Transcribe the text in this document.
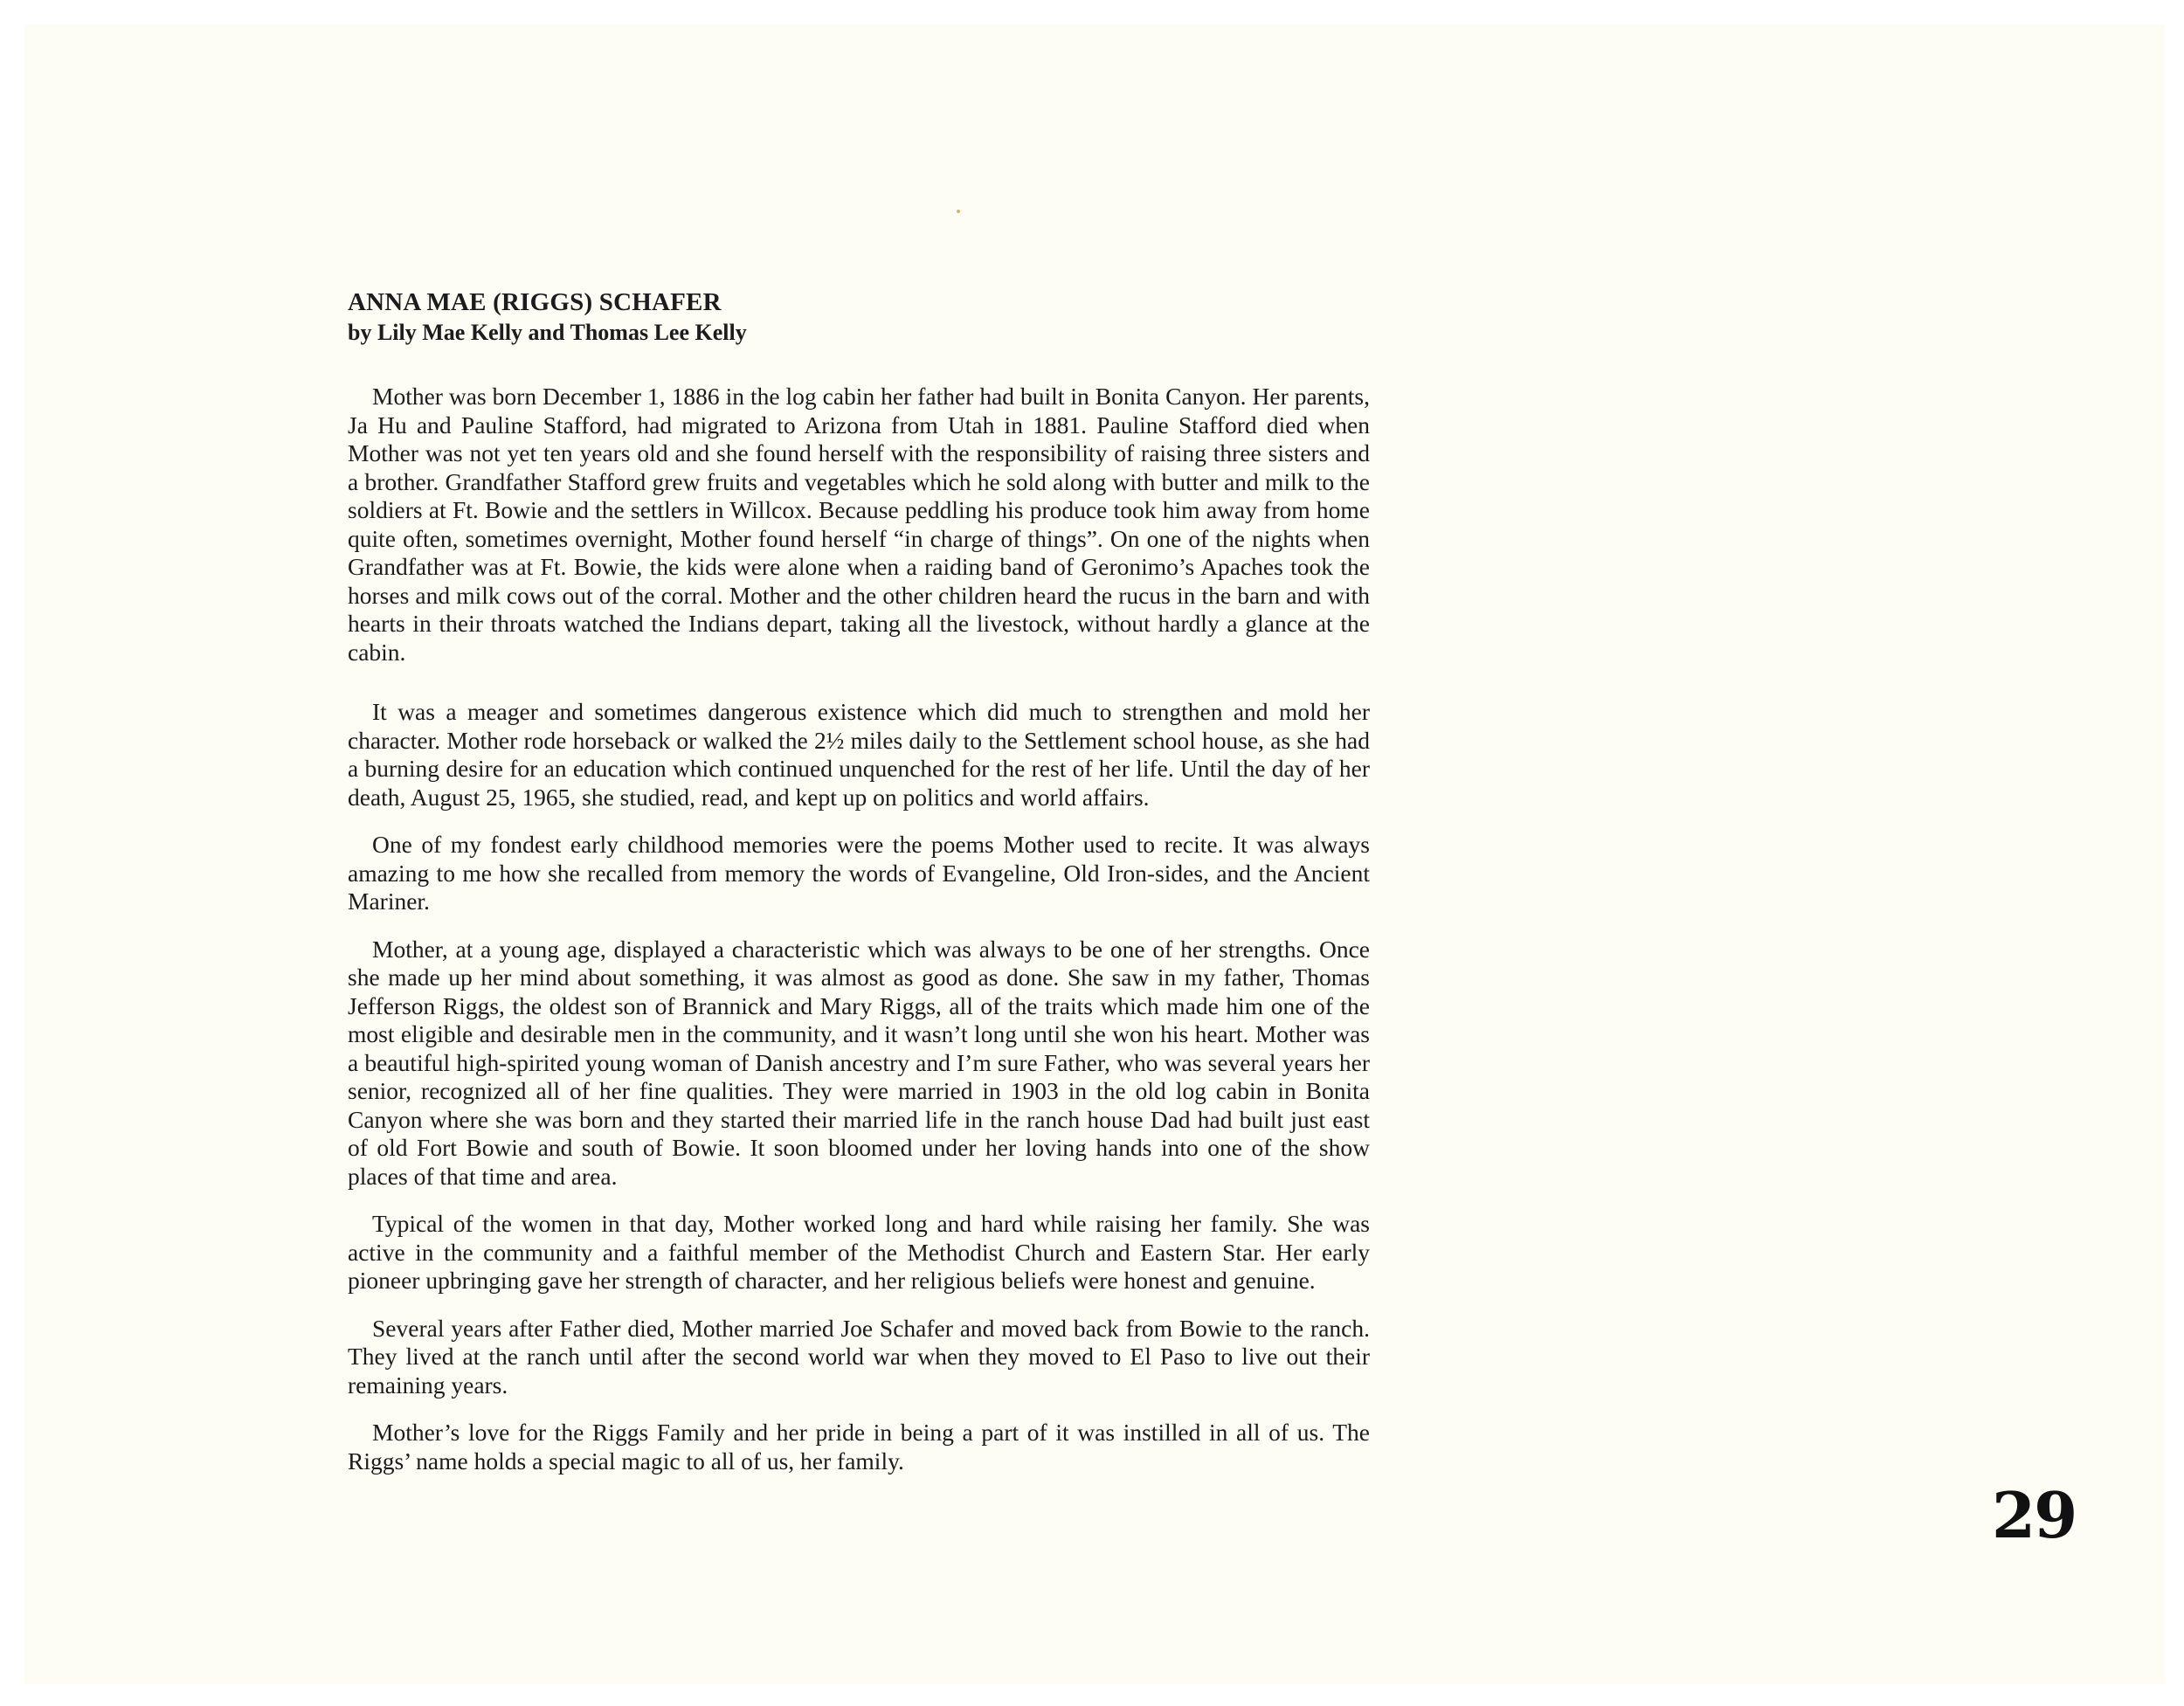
ANNA MAE (RIGGS) SCHAFER

by Lily Mae Kelly and Thomas Lee Kelly

Mother was born December 1, 1886 in the log cabin her father had built in Bonita Canyon. Her parents, Ja Hu and Pauline Stafford, had migrated to Arizona from Utah in 1881. Pauline Stafford died when Mother was not yet ten years old and she found herself with the responsibility of raising three sisters and a brother. Grandfather Stafford grew fruits and vegetables which he sold along with butter and milk to the soldiers at Ft. Bowie and the settlers in Willcox. Because peddling his produce took him away from home quite often, sometimes overnight, Mother found herself “in charge of things”. On one of the nights when Grandfather was at Ft. Bowie, the kids were alone when a raiding band of Geronimo’s Apaches took the horses and milk cows out of the corral. Mother and the other children heard the rucus in the barn and with hearts in their throats watched the Indians depart, taking all the livestock, without hardly a glance at the cabin.

It was a meager and sometimes dangerous existence which did much to strengthen and mold her character. Mother rode horseback or walked the 2½ miles daily to the Settlement school house, as she had a burning desire for an education which continued unquenched for the rest of her life. Until the day of her death, August 25, 1965, she studied, read, and kept up on politics and world affairs.

One of my fondest early childhood memories were the poems Mother used to recite. It was always amazing to me how she recalled from memory the words of Evangeline, Old Iron-sides, and the Ancient Mariner.

Mother, at a young age, displayed a characteristic which was always to be one of her strengths. Once she made up her mind about something, it was almost as good as done. She saw in my father, Thomas Jefferson Riggs, the oldest son of Brannick and Mary Riggs, all of the traits which made him one of the most eligible and desirable men in the community, and it wasn’t long until she won his heart. Mother was a beautiful high-spirited young woman of Danish ancestry and I’m sure Father, who was several years her senior, recognized all of her fine qualities. They were married in 1903 in the old log cabin in Bonita Canyon where she was born and they started their married life in the ranch house Dad had built just east of old Fort Bowie and south of Bowie. It soon bloomed under her loving hands into one of the show places of that time and area.

Typical of the women in that day, Mother worked long and hard while raising her family. She was active in the community and a faithful member of the Methodist Church and Eastern Star. Her early pioneer upbringing gave her strength of character, and her religious beliefs were honest and genuine.

Several years after Father died, Mother married Joe Schafer and moved back from Bowie to the ranch. They lived at the ranch until after the second world war when they moved to El Paso to live out their remaining years.

Mother’s love for the Riggs Family and her pride in being a part of it was instilled in all of us. The Riggs’ name holds a special magic to all of us, her family.

29
